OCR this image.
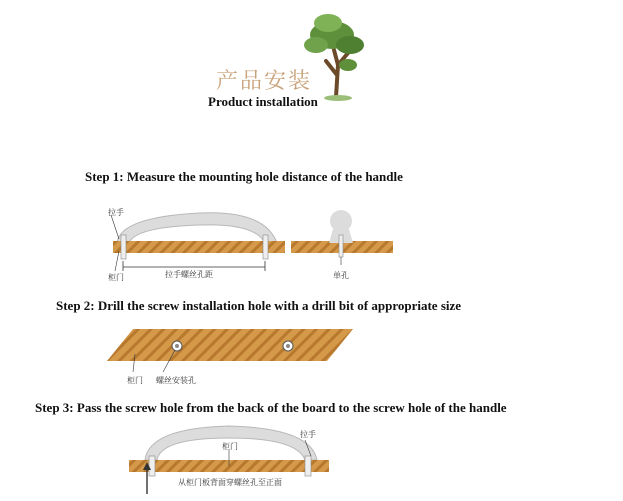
产品安装
Product installation
Step 1: Measure the mounting hole distance of the handle
拉手
柜门	拉手螺丝孔距	单孔
Step 2: Drill the screw installation hole with a drill bit of appropriate size
柜门 螺丝安装孔
Step 3: Pass the screw hole from the back of the board to the screw hole of the handle
拉手
柜门
从柜门板背面穿螺丝孔至正面
